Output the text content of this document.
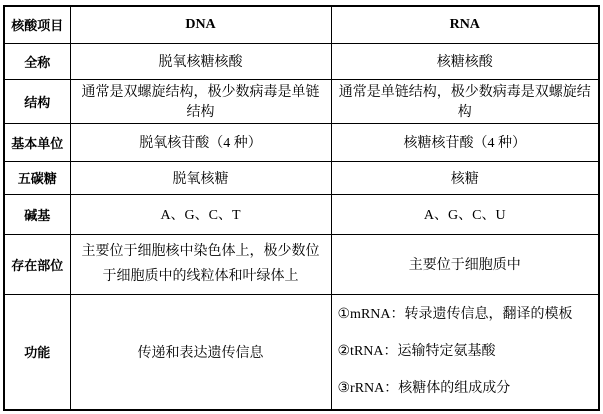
核酸项目	DNA	RNA
全称	脱氧核糖核酸	核糖核酸
结构	通常是双螺旋结构，极少数病毒是单链结构	通常是单链结构，极少数病毒是双螺旋结构
基本单位	脱氧核苷酸（4 种）	核糖核苷酸（4 种）
五碳糖	脱氧核糖	核糖
碱基	A、G、C、T	A、G、C、U
存在部位	主要位于细胞核中染色体上，极少数位于细胞质中的线粒体和叶绿体上	主要位于细胞质中
功能	传递和表达遗传信息	①mRNA：转录遗传信息，翻译的模板
②tRNA：运输特定氨基酸
③rRNA：核糖体的组成成分
